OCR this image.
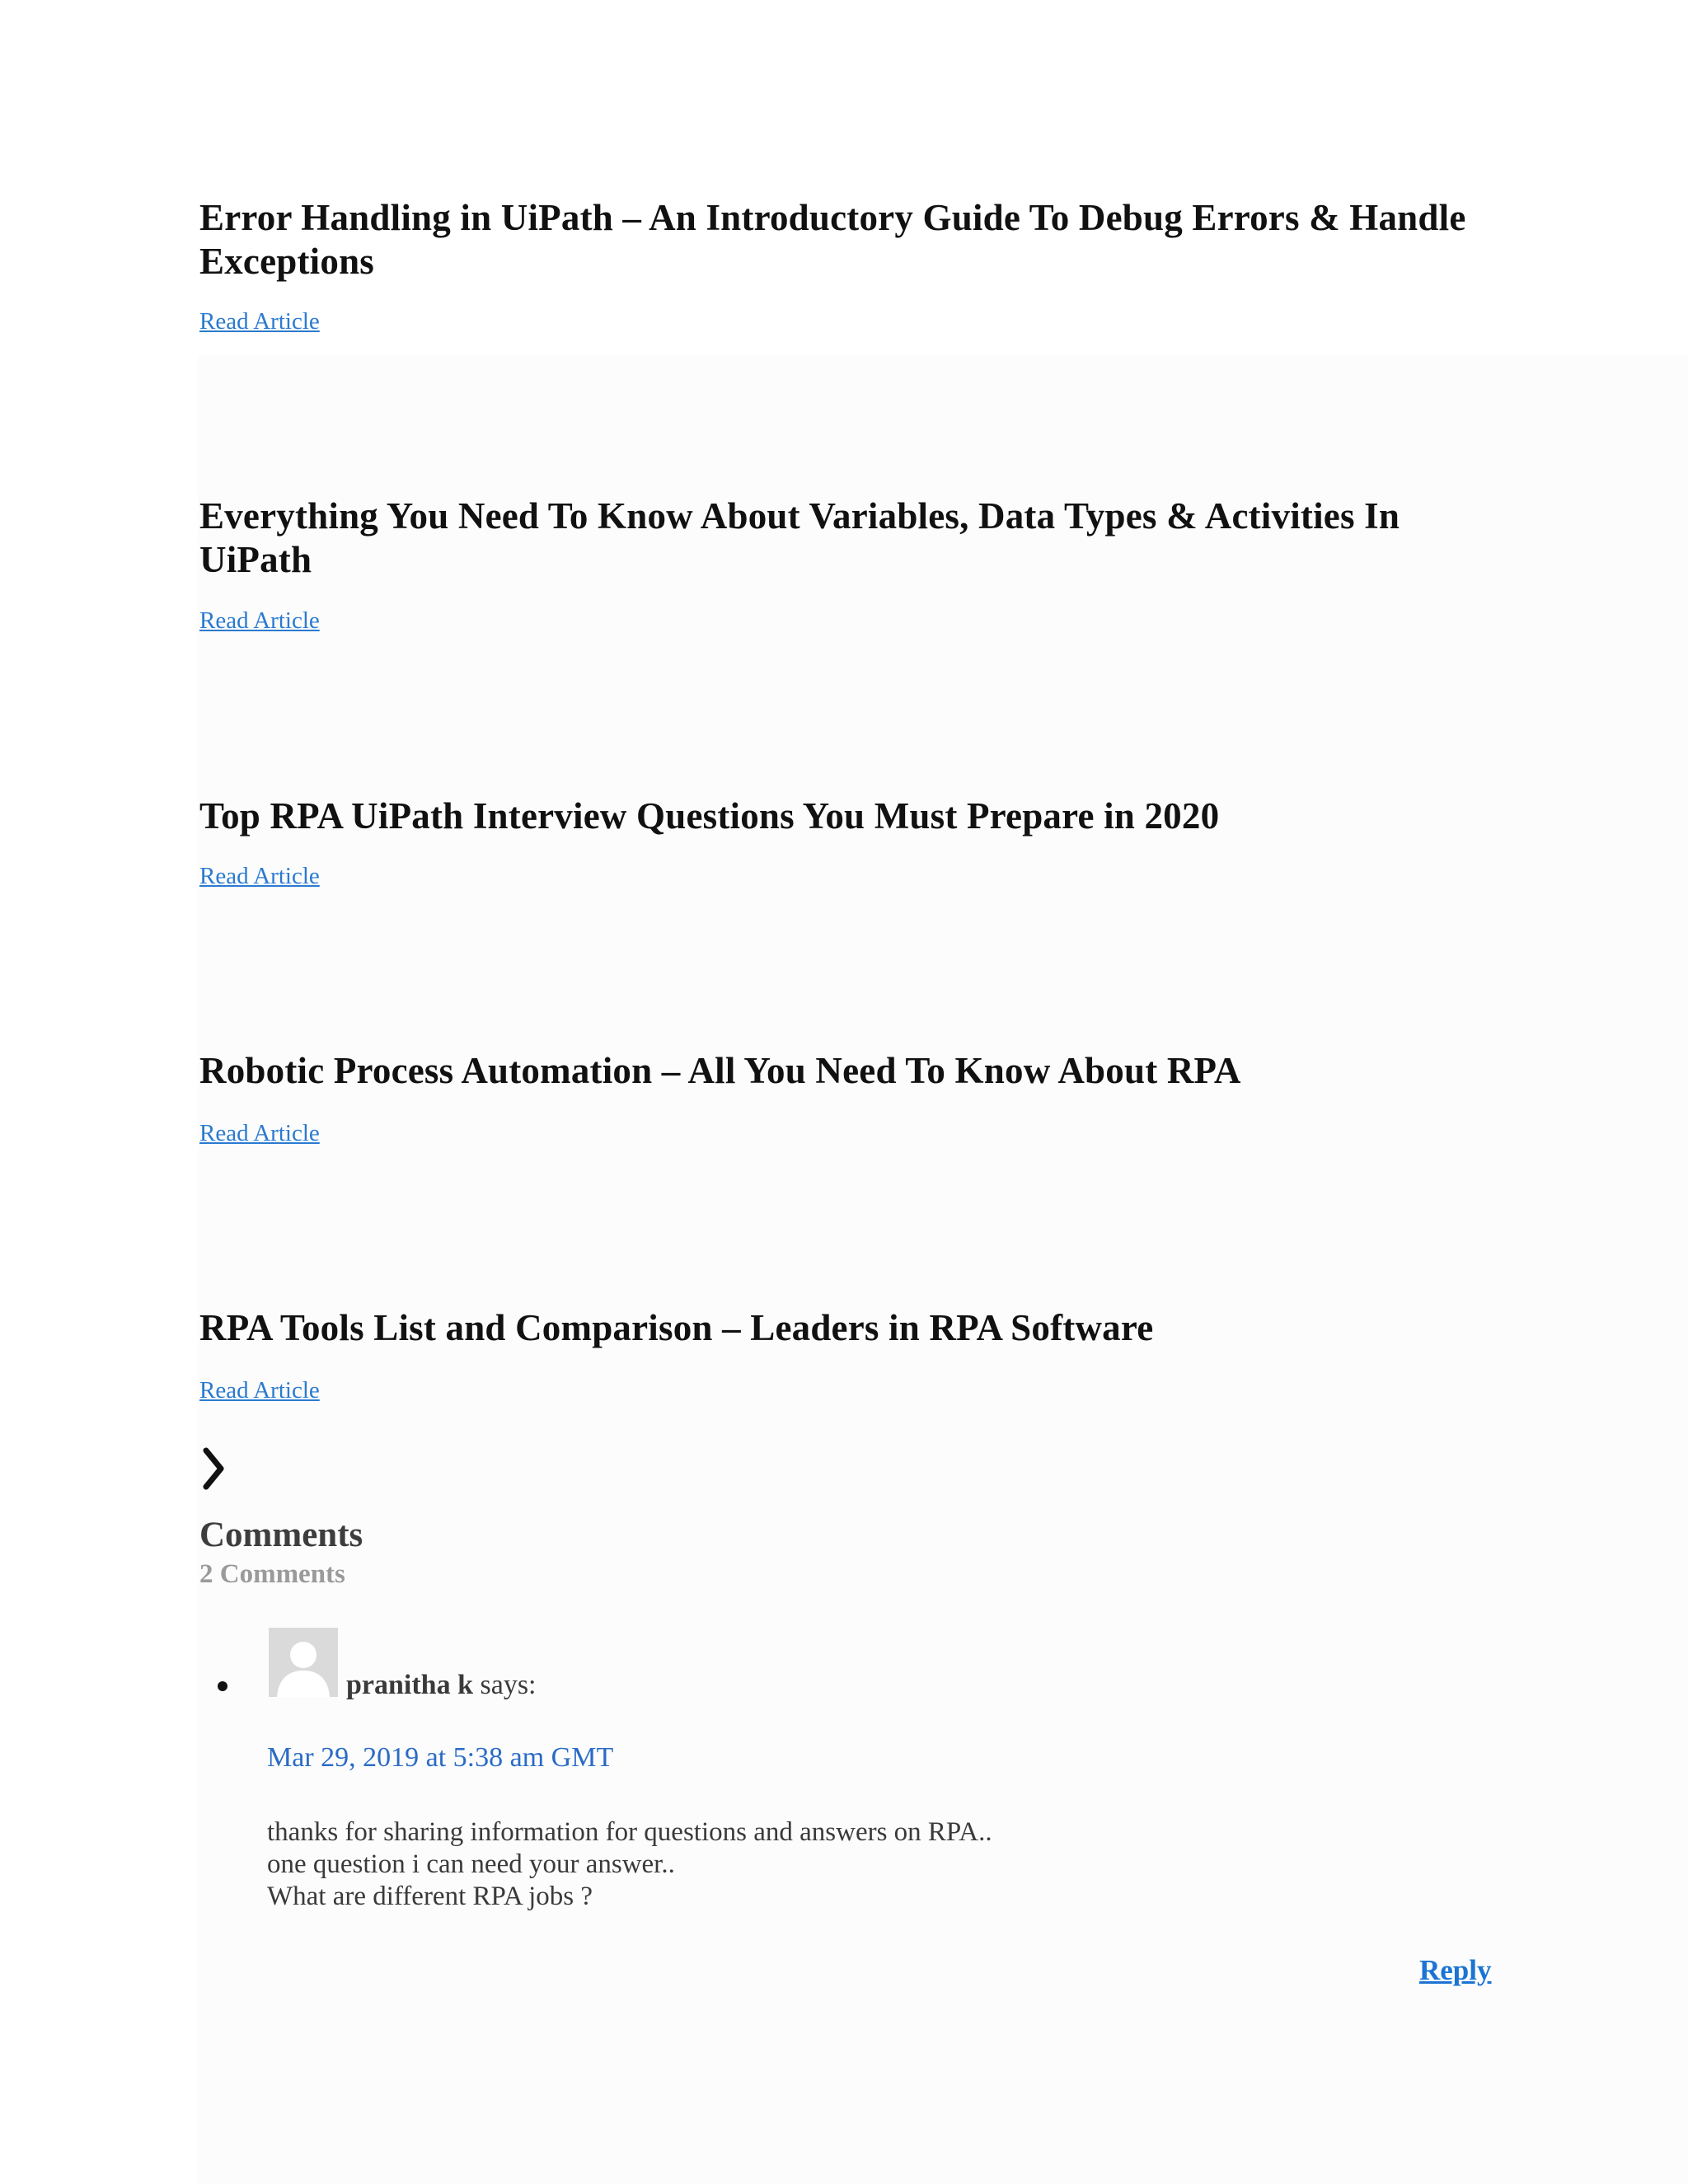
Error Handling in UiPath – An Introductory Guide To Debug Errors & Handle Exceptions
Read Article
Everything You Need To Know About Variables, Data Types & Activities In UiPath
Read Article
Top RPA UiPath Interview Questions You Must Prepare in 2020
Read Article
Robotic Process Automation – All You Need To Know About RPA
Read Article
RPA Tools List and Comparison – Leaders in RPA Software
Read Article
Comments
2 Comments
pranitha k says:
Mar 29, 2019 at 5:38 am GMT
thanks for sharing information for questions and answers on RPA..
one question i can need your answer..
What are different RPA jobs ?
Reply
